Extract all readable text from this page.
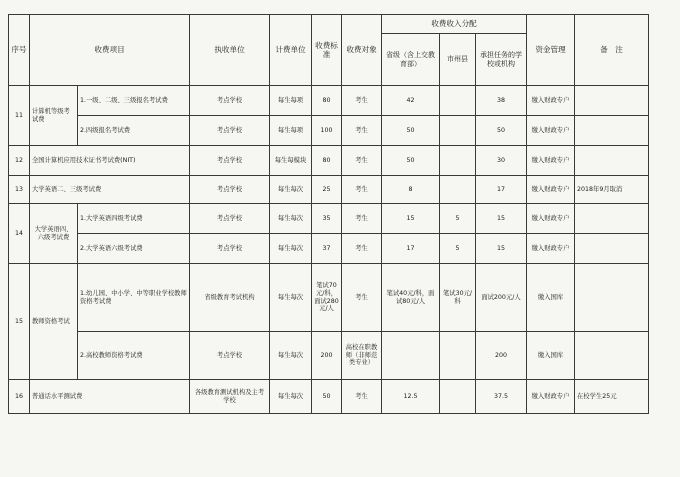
序号	收费项目		执收单位	计费单位	收费标准	收费对象	收费收入分配			资金管理	备　注
							省级（含上交教育部）	市州县	承担任务的学校或机构		
11	计算机等级考试费	1.一级、二级、三级报名考试费	考点学校	每生每项	80	考生	42		38	缴入财政专户	
		2.四级报名考试费	考点学校	每生每项	100	考生	50		50	缴入财政专户	
12	全国计算机应用技术证书考试费(NIT)		考点学校	每生每模块	80	考生	50		30	缴入财政专户	
13	大学英语二、三级考试费		考点学校	每生每次	25	考生	8		17	缴入财政专户	2018年9月取消
14	大学英语四、六级考试费	1.大学英语四级考试费	考点学校	每生每次	35	考生	15	5	15	缴入财政专户	
		2.大学英语六级考试费	考点学校	每生每次	37	考生	17	5	15	缴入财政专户	
15	教师资格考试	1.幼儿园、中小学、中等职业学校教师资格考试费	省级教育考试机构	每生每次	笔试70元/科，面试280元/人	考生	笔试40元/科，面试80元/人	笔试30元/科	面试200元/人	缴入国库	
		2.高校教师资格考试费	考点学校	每生每次	200	高校在职教师（非师范类专业）			200	缴入国库	
16	普通话水平测试费		各级教育测试机构及主考学校	每生每次	50	考生	12.5		37.5	缴入财政专户	在校学生25元
